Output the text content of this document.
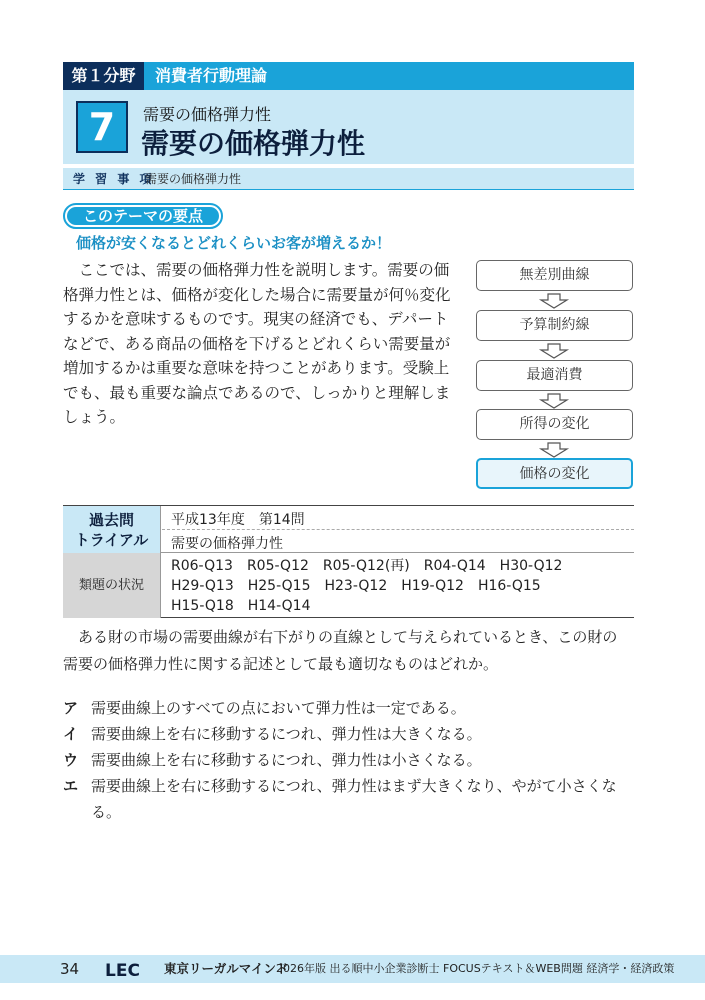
第１分野	消費者行動理論
7	需要の価格弾力性
需要の価格弾力性
学 習 事 項
需要の価格弾力性
このテーマの要点
価格が安くなるとどれくらいお客が増えるか！
　ここでは、需要の価格弾力性を説明します。需要の価
格弾力性とは、価格が変化した場合に需要量が何％変化
するかを意味するものです。現実の経済でも、デパート
などで、ある商品の価格を下げるとどれくらい需要量が
増加するかは重要な意味を持つことがあります。受験上
でも、最も重要な論点であるので、しっかりと理解しま
しょう。
無差別曲線
予算制約線
最適消費
所得の変化
価格の変化
過去問
トライアル
平成13年度　第14問
需要の価格弾力性
類題の状況
R06-Q13　R05-Q12　R05-Q12(再)　R04-Q14　H30-Q12
H29-Q13　H25-Q15　H23-Q12　H19-Q12　H16-Q15
H15-Q18　H14-Q14
　ある財の市場の需要曲線が右下がりの直線として与えられているとき、この財の
需要の価格弾力性に関する記述として最も適切なものはどれか。
ア 需要曲線上のすべての点において弾力性は一定である。
イ 需要曲線上を右に移動するにつれ、弾力性は大きくなる。
ウ 需要曲線上を右に移動するにつれ、弾力性は小さくなる。
エ 需要曲線上を右に移動するにつれ、弾力性はまず大きくなり、やがて小さくな
る。
34 LEC 東京リーガルマインド
2026年版 出る順中小企業診断士 FOCUSテキスト＆WEB問題 経済学・経済政策
